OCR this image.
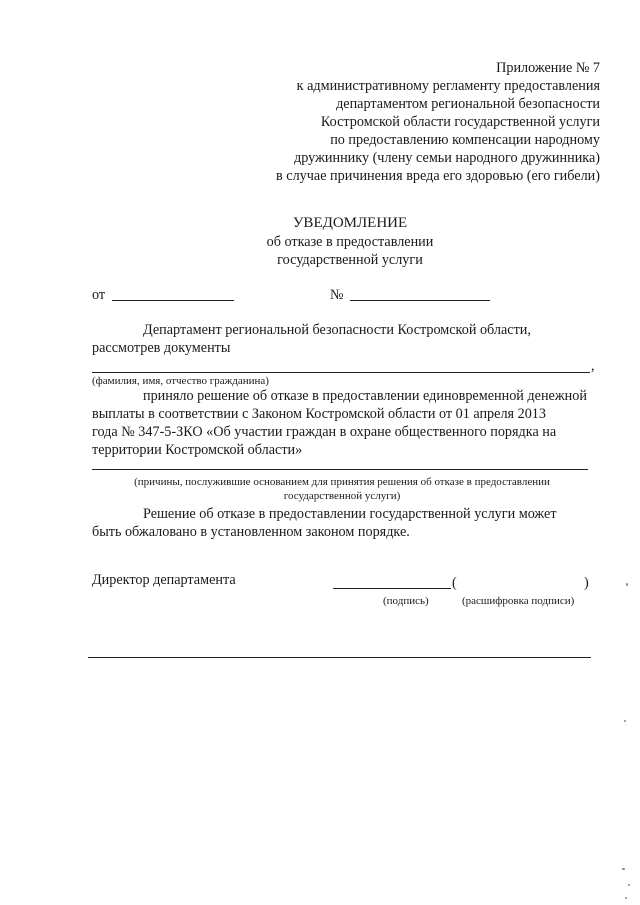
Приложение № 7
к административному регламенту предоставления
департаментом региональной безопасности
Костромской области государственной услуги
по предоставлению компенсации народному
дружиннику (члену семьи народного дружинника)
в случае причинения вреда его здоровью (его гибели)
УВЕДОМЛЕНИЕ
об отказе в предоставлении
государственной услуги
от	№
Департамент региональной безопасности Костромской области,
рассмотрев документы
,
(фамилия, имя, отчество гражданина)
приняло решение об отказе в предоставлении единовременной денежной
выплаты в соответствии с Законом Костромской области от 01 апреля 2013
года № 347-5-ЗКО «Об участии граждан в охране общественного порядка на
территории Костромской области»
(причины, послужившие основанием для принятия решения об отказе в предоставлении
государственной услуги)
Решение об отказе в предоставлении государственной услуги может
быть обжаловано в установленном законом порядке.
Директор департамента	(	)
(подпись)	(расшифровка подписи)
